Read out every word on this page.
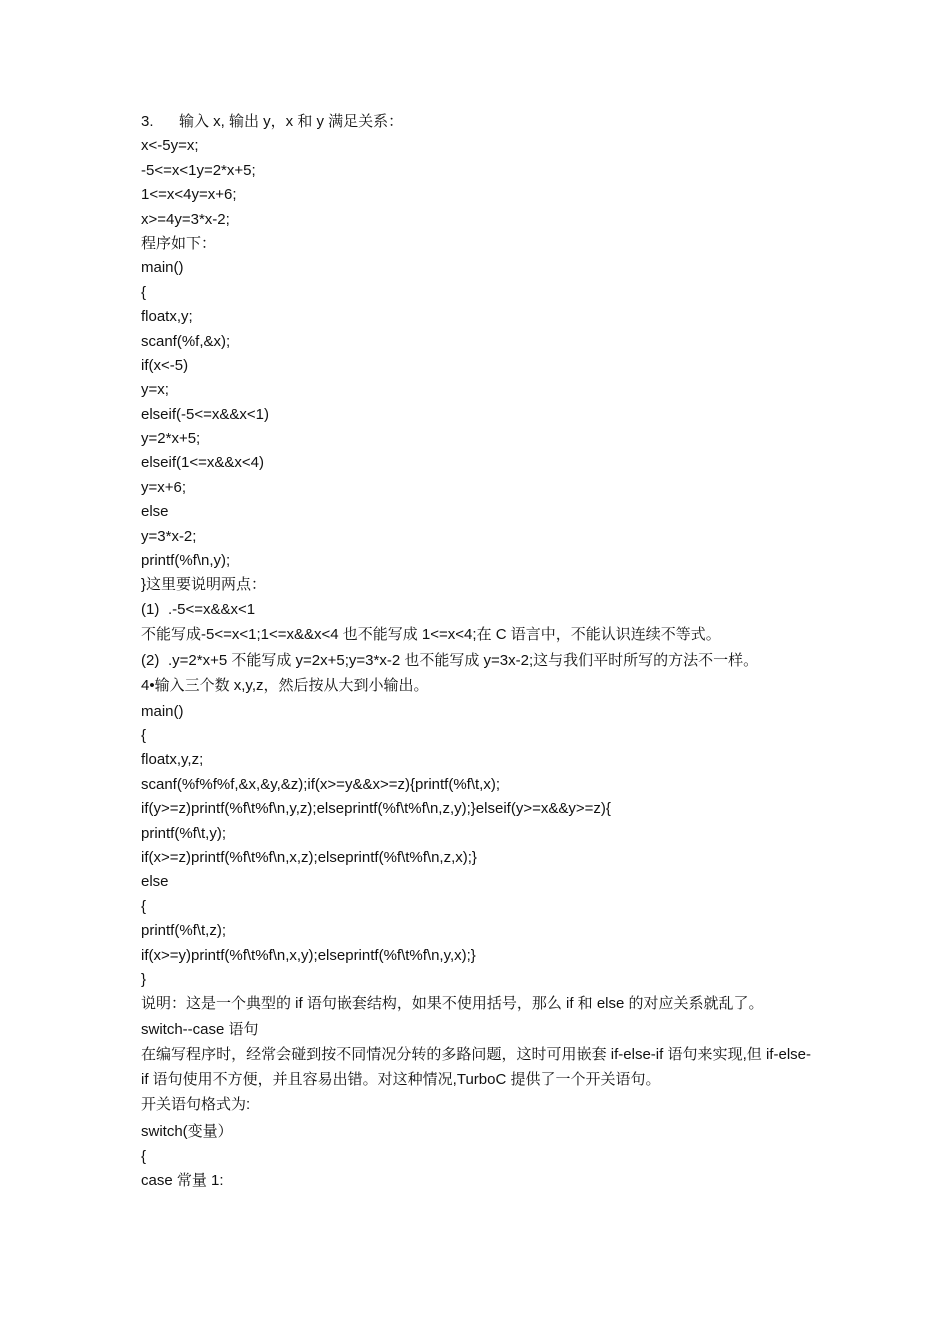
3. 输入 x, 输出 y，x 和 y 满足关系：
x<-5y=x;
-5<=x<1y=2*x+5;
1<=x<4y=x+6;
x>=4y=3*x-2;
程序如下：
main()
{
floatx,y;
scanf(%f,&x);
if(x<-5)
y=x;
elseif(-5<=x&&x<1)
y=2*x+5;
elseif(1<=x&&x<4)
y=x+6;
else
y=3*x-2;
printf(%f\n,y);
}这里要说明两点：
(1) .-5<=x&&x<1
不能写成-5<=x<1;1<=x&&x<4 也不能写成 1<=x<4;在 C 语言中，不能认识连续不等式。
(2) .y=2*x+5 不能写成 y=2x+5;y=3*x-2 也不能写成 y=3x-2;这与我们平时所写的方法不一样。
4•输入三个数 x,y,z，然后按从大到小输出。
main()
{
floatx,y,z;
scanf(%f%f%f,&x,&y,&z);if(x>=y&&x>=z){printf(%f\t,x);
if(y>=z)printf(%f\t%f\n,y,z);elseprintf(%f\t%f\n,z,y);}elseif(y>=x&&y>=z){
printf(%f\t,y);
if(x>=z)printf(%f\t%f\n,x,z);elseprintf(%f\t%f\n,z,x);}
else
{
printf(%f\t,z);
if(x>=y)printf(%f\t%f\n,x,y);elseprintf(%f\t%f\n,y,x);}
}
说明：这是一个典型的 if 语句嵌套结构，如果不使用括号，那么 if 和 else 的对应关系就乱了。
switch--case 语句
在编写程序时，经常会碰到按不同情况分转的多路问题，这时可用嵌套 if-else-if 语句来实现,但 if-else-if 语句使用不方便，并且容易出错。对这种情况,TurboC 提供了一个开关语句。
开关语句格式为:
switch(变量）
{
case 常量 1:
